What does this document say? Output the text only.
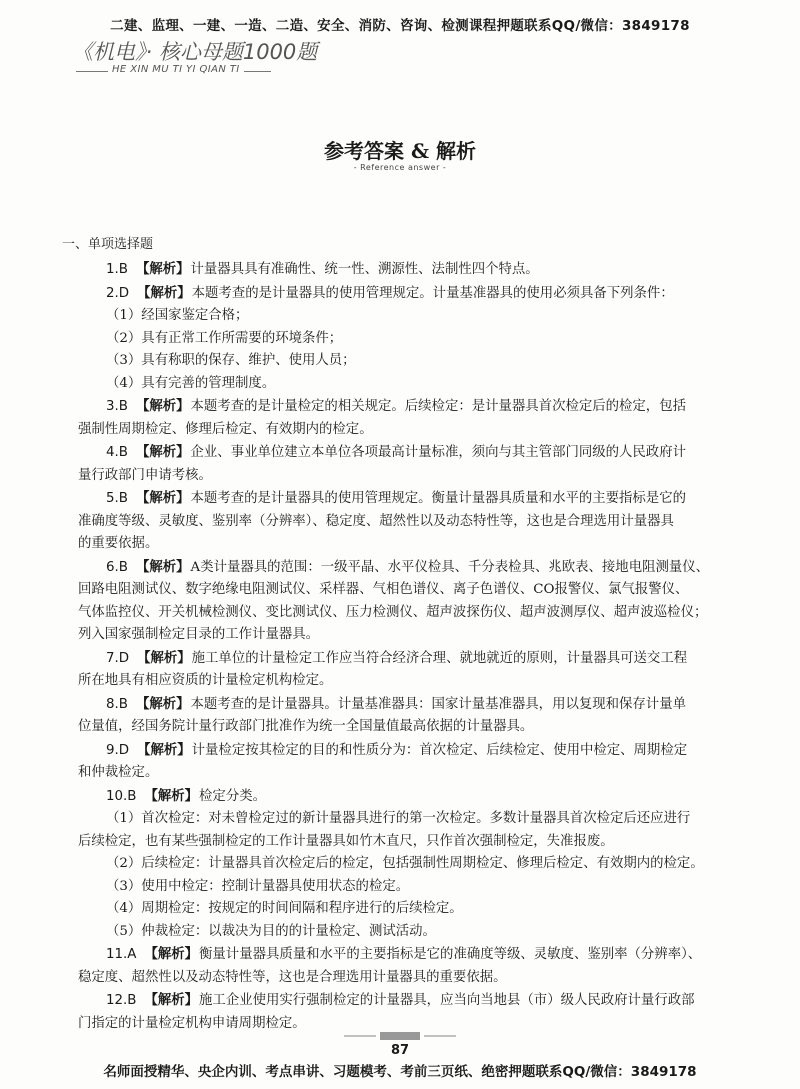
二建、监理、一建、一造、二造、安全、消防、咨询、检测课程押题联系QQ/微信：3849178
《机电》· 核心母题1000题
HE XIN MU TI YI QIAN TI
参考答案 & 解析
- Reference answer -
一、单项选择题

1.B 【解析】计量器具具有准确性、统一性、溯源性、法制性四个特点。

2.D 【解析】本题考查的是计量器具的使用管理规定。计量基准器具的使用必须具备下列条件：

（1）经国家鉴定合格；

（2）具有正常工作所需要的环境条件；

（3）具有称职的保存、维护、使用人员；

（4）具有完善的管理制度。

3.B 【解析】本题考查的是计量检定的相关规定。后续检定：是计量器具首次检定后的检定，包括

强制性周期检定、修理后检定、有效期内的检定。

4.B 【解析】企业、事业单位建立本单位各项最高计量标准，须向与其主管部门同级的人民政府计

量行政部门申请考核。

5.B 【解析】本题考查的是计量器具的使用管理规定。衡量计量器具质量和水平的主要指标是它的

准确度等级、灵敏度、鉴别率（分辨率）、稳定度、超然性以及动态特性等，这也是合理选用计量器具

的重要依据。

6.B 【解析】A类计量器具的范围：一级平晶、水平仪检具、千分表检具、兆欧表、接地电阻测量仪、

回路电阻测试仪、数字绝缘电阻测试仪、采样器、气相色谱仪、离子色谱仪、CO报警仪、氯气报警仪、

气体监控仪、开关机械检测仪、变比测试仪、压力检测仪、超声波探伤仪、超声波测厚仪、超声波巡检仪；

列入国家强制检定目录的工作计量器具。

7.D 【解析】施工单位的计量检定工作应当符合经济合理、就地就近的原则，计量器具可送交工程

所在地具有相应资质的计量检定机构检定。

8.B 【解析】本题考查的是计量器具。计量基准器具：国家计量基准器具，用以复现和保存计量单

位量值，经国务院计量行政部门批准作为统一全国量值最高依据的计量器具。

9.D 【解析】计量检定按其检定的目的和性质分为：首次检定、后续检定、使用中检定、周期检定

和仲裁检定。

10.B 【解析】检定分类。

（1）首次检定：对未曾检定过的新计量器具进行的第一次检定。多数计量器具首次检定后还应进行

后续检定，也有某些强制检定的工作计量器具如竹木直尺，只作首次强制检定，失准报废。

（2）后续检定：计量器具首次检定后的检定，包括强制性周期检定、修理后检定、有效期内的检定。

（3）使用中检定：控制计量器具使用状态的检定。

（4）周期检定：按规定的时间间隔和程序进行的后续检定。

（5）仲裁检定：以裁决为目的的计量检定、测试活动。

11.A 【解析】衡量计量器具质量和水平的主要指标是它的准确度等级、灵敏度、鉴别率（分辨率）、

稳定度、超然性以及动态特性等，这也是合理选用计量器具的重要依据。

12.B 【解析】施工企业使用实行强制检定的计量器具，应当向当地县（市）级人民政府计量行政部

门指定的计量检定机构申请周期检定。

87
名师面授精华、央企内训、考点串讲、习题模考、考前三页纸、绝密押题联系QQ/微信：3849178
